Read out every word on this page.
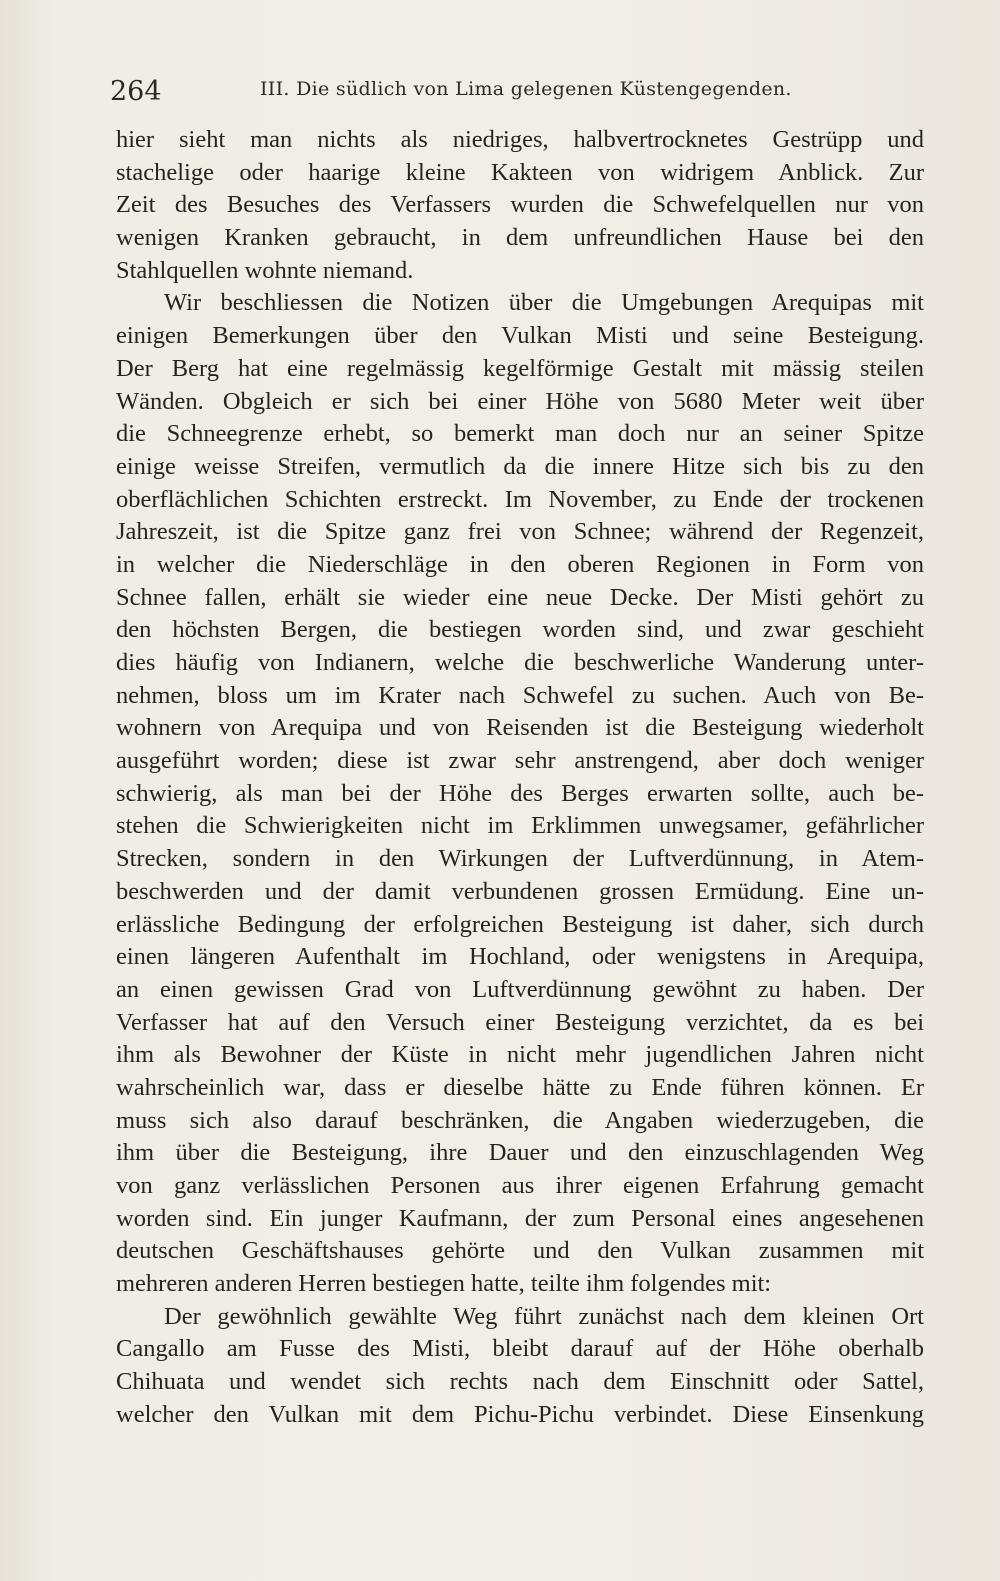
264	III. Die südlich von Lima gelegenen Küstengegenden.
hier sieht man nichts als niedriges, halbvertrocknetes Gestrüpp und
stachelige oder haarige kleine Kakteen von widrigem Anblick. Zur
Zeit des Besuches des Verfassers wurden die Schwefelquellen nur von
wenigen Kranken gebraucht, in dem unfreundlichen Hause bei den
Stahlquellen wohnte niemand.
Wir beschliessen die Notizen über die Umgebungen Arequipas mit
einigen Bemerkungen über den Vulkan Misti und seine Besteigung.
Der Berg hat eine regelmässig kegelförmige Gestalt mit mässig steilen
Wänden. Obgleich er sich bei einer Höhe von 5680 Meter weit über
die Schneegrenze erhebt, so bemerkt man doch nur an seiner Spitze
einige weisse Streifen, vermutlich da die innere Hitze sich bis zu den
oberflächlichen Schichten erstreckt. Im November, zu Ende der trockenen
Jahreszeit, ist die Spitze ganz frei von Schnee; während der Regenzeit,
in welcher die Niederschläge in den oberen Regionen in Form von
Schnee fallen, erhält sie wieder eine neue Decke. Der Misti gehört zu
den höchsten Bergen, die bestiegen worden sind, und zwar geschieht
dies häufig von Indianern, welche die beschwerliche Wanderung unter-
nehmen, bloss um im Krater nach Schwefel zu suchen. Auch von Be-
wohnern von Arequipa und von Reisenden ist die Besteigung wiederholt
ausgeführt worden; diese ist zwar sehr anstrengend, aber doch weniger
schwierig, als man bei der Höhe des Berges erwarten sollte, auch be-
stehen die Schwierigkeiten nicht im Erklimmen unwegsamer, gefährlicher
Strecken, sondern in den Wirkungen der Luftverdünnung, in Atem-
beschwerden und der damit verbundenen grossen Ermüdung. Eine un-
erlässliche Bedingung der erfolgreichen Besteigung ist daher, sich durch
einen längeren Aufenthalt im Hochland, oder wenigstens in Arequipa,
an einen gewissen Grad von Luftverdünnung gewöhnt zu haben. Der
Verfasser hat auf den Versuch einer Besteigung verzichtet, da es bei
ihm als Bewohner der Küste in nicht mehr jugendlichen Jahren nicht
wahrscheinlich war, dass er dieselbe hätte zu Ende führen können. Er
muss sich also darauf beschränken, die Angaben wiederzugeben, die
ihm über die Besteigung, ihre Dauer und den einzuschlagenden Weg
von ganz verlässlichen Personen aus ihrer eigenen Erfahrung gemacht
worden sind. Ein junger Kaufmann, der zum Personal eines angesehenen
deutschen Geschäftshauses gehörte und den Vulkan zusammen mit
mehreren anderen Herren bestiegen hatte, teilte ihm folgendes mit:
Der gewöhnlich gewählte Weg führt zunächst nach dem kleinen Ort
Cangallo am Fusse des Misti, bleibt darauf auf der Höhe oberhalb
Chihuata und wendet sich rechts nach dem Einschnitt oder Sattel,
welcher den Vulkan mit dem Pichu-Pichu verbindet. Diese Einsenkung
